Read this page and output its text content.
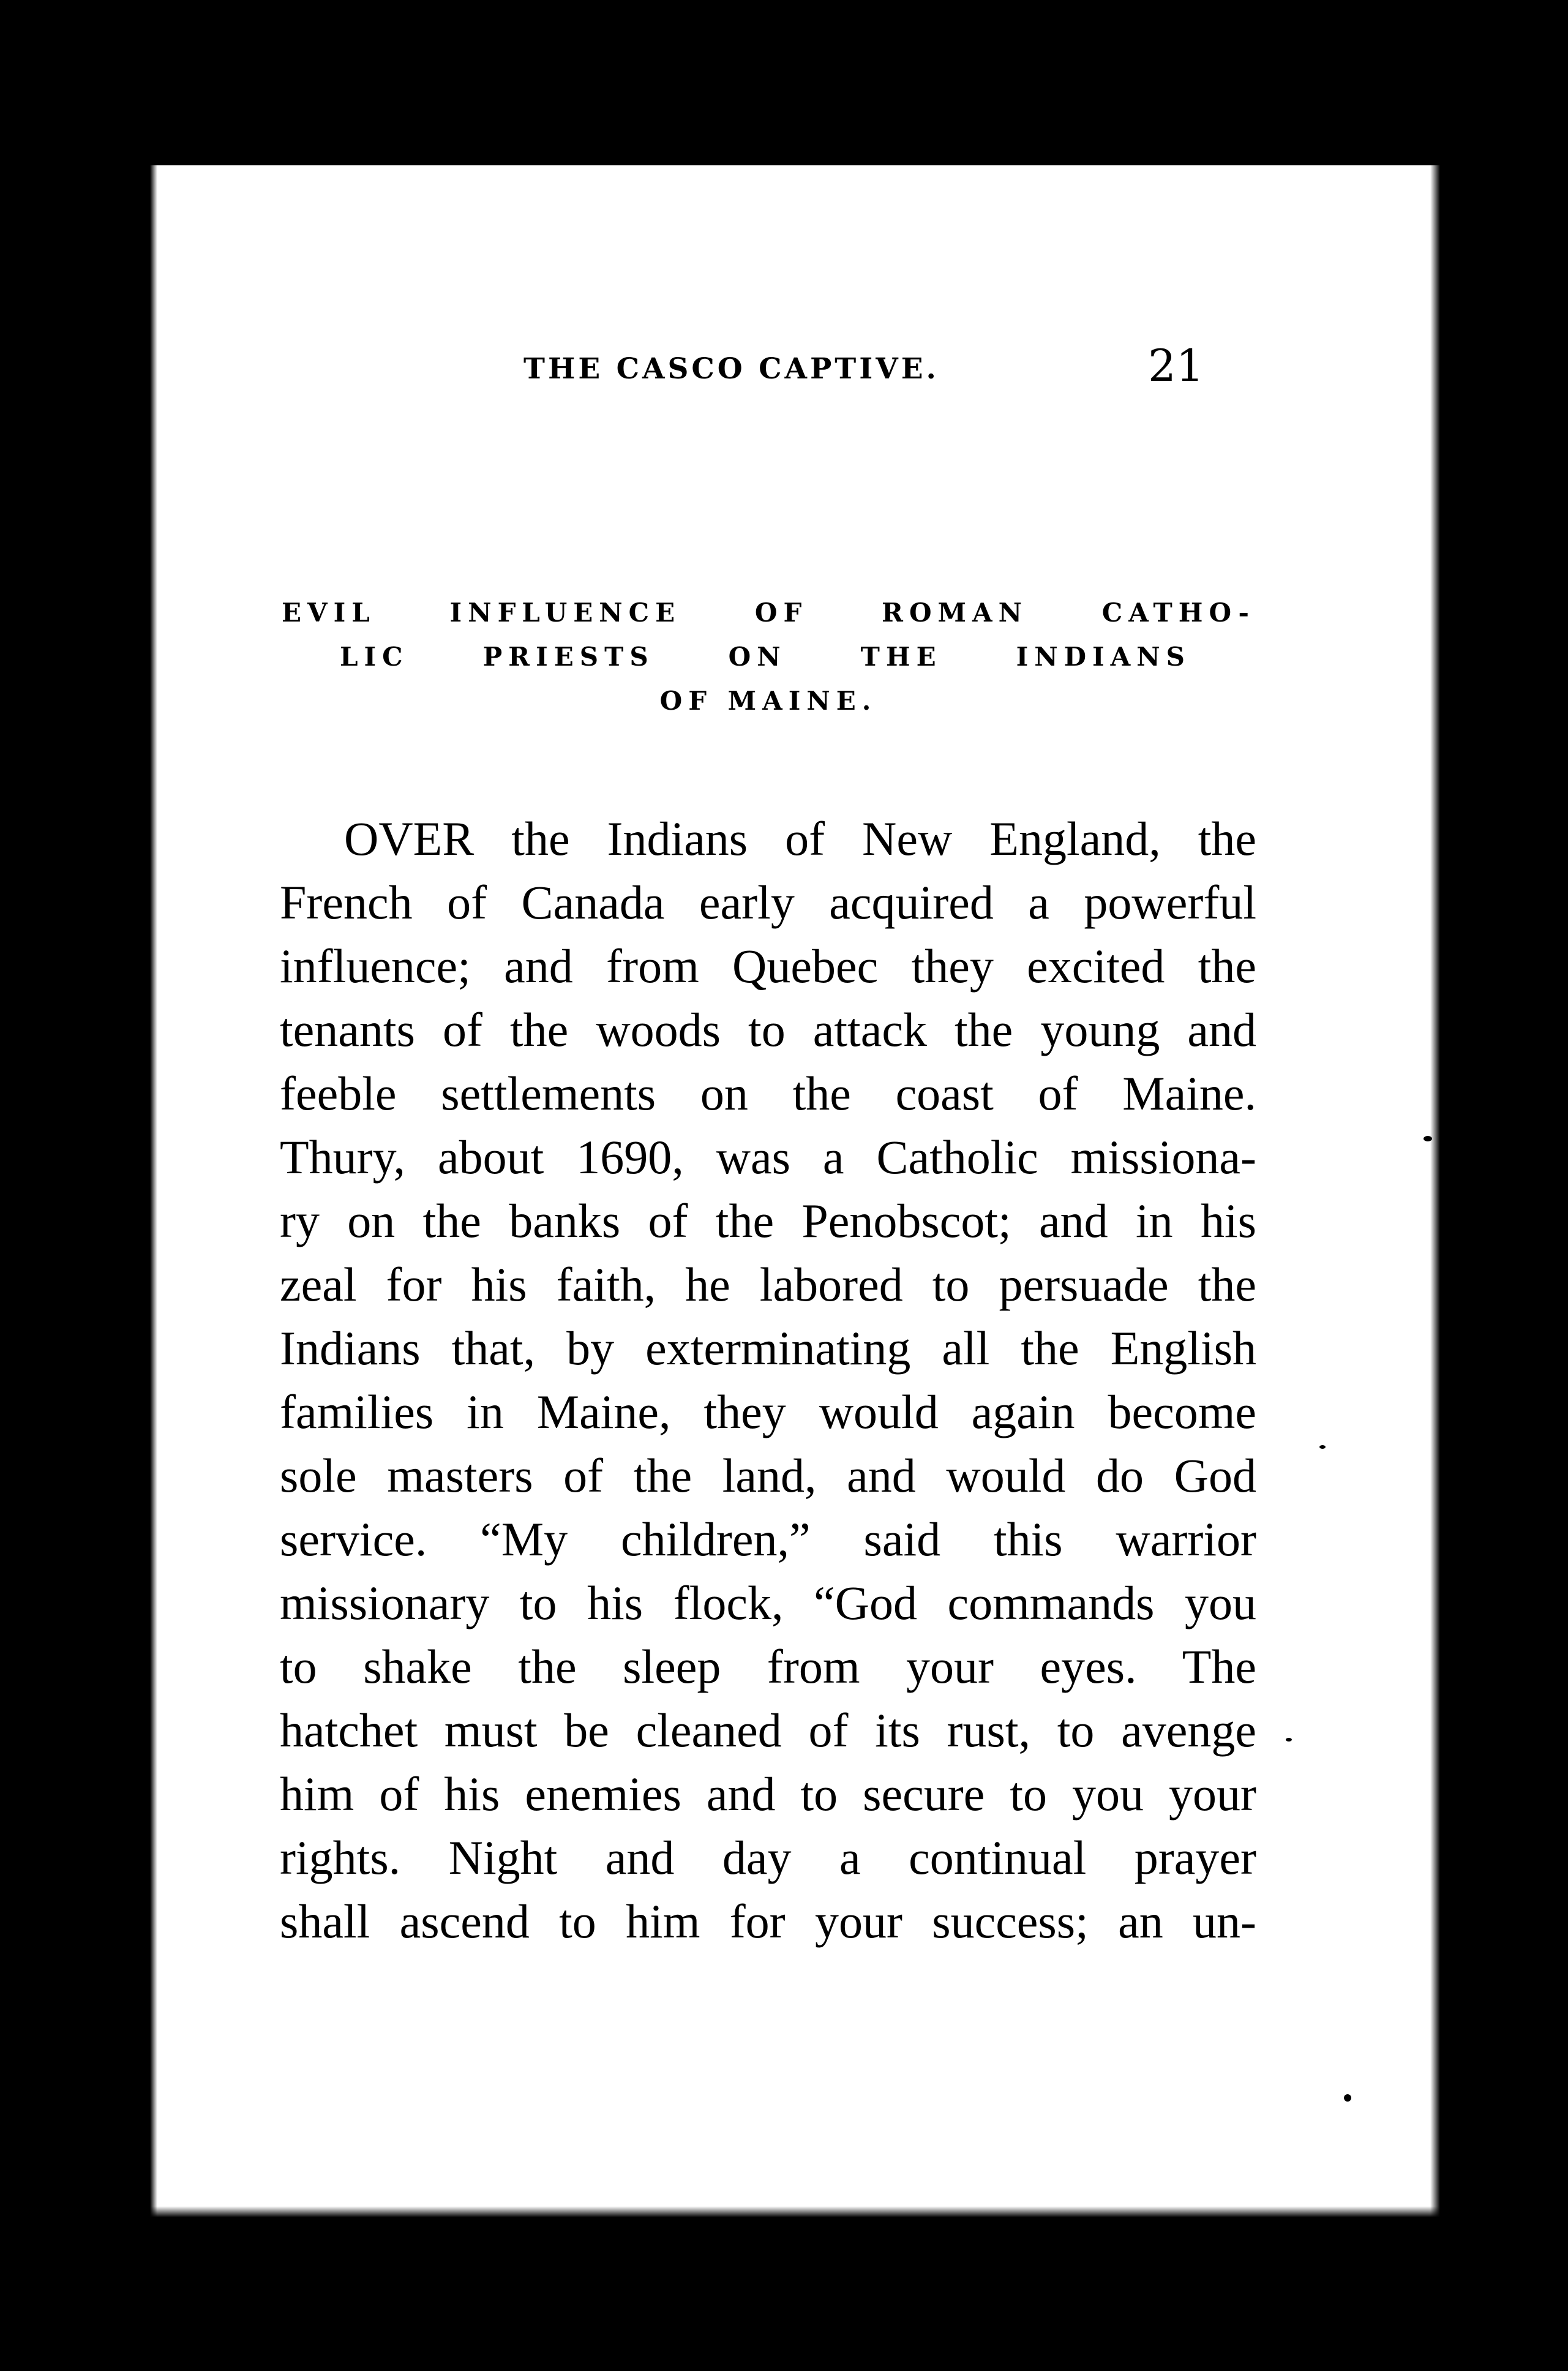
THE CASCO CAPTIVE.	21
EVIL INFLUENCE OF ROMAN CATHO-
LIC PRIESTS ON THE INDIANS
OF MAINE.
OVER the Indians of New England, the
French of Canada early acquired a powerful
influence; and from Quebec they excited the
tenants of the woods to attack the young and
feeble settlements on the coast of Maine.
Thury, about 1690, was a Catholic missiona-
ry on the banks of the Penobscot; and in his
zeal for his faith, he labored to persuade the
Indians that, by exterminating all the English
families in Maine, they would again become
sole masters of the land, and would do God
service. “My children,” said this warrior
missionary to his flock, “God commands you
to shake the sleep from your eyes. The
hatchet must be cleaned of its rust, to avenge
him of his enemies and to secure to you your
rights. Night and day a continual prayer
shall ascend to him for your success; an un-
